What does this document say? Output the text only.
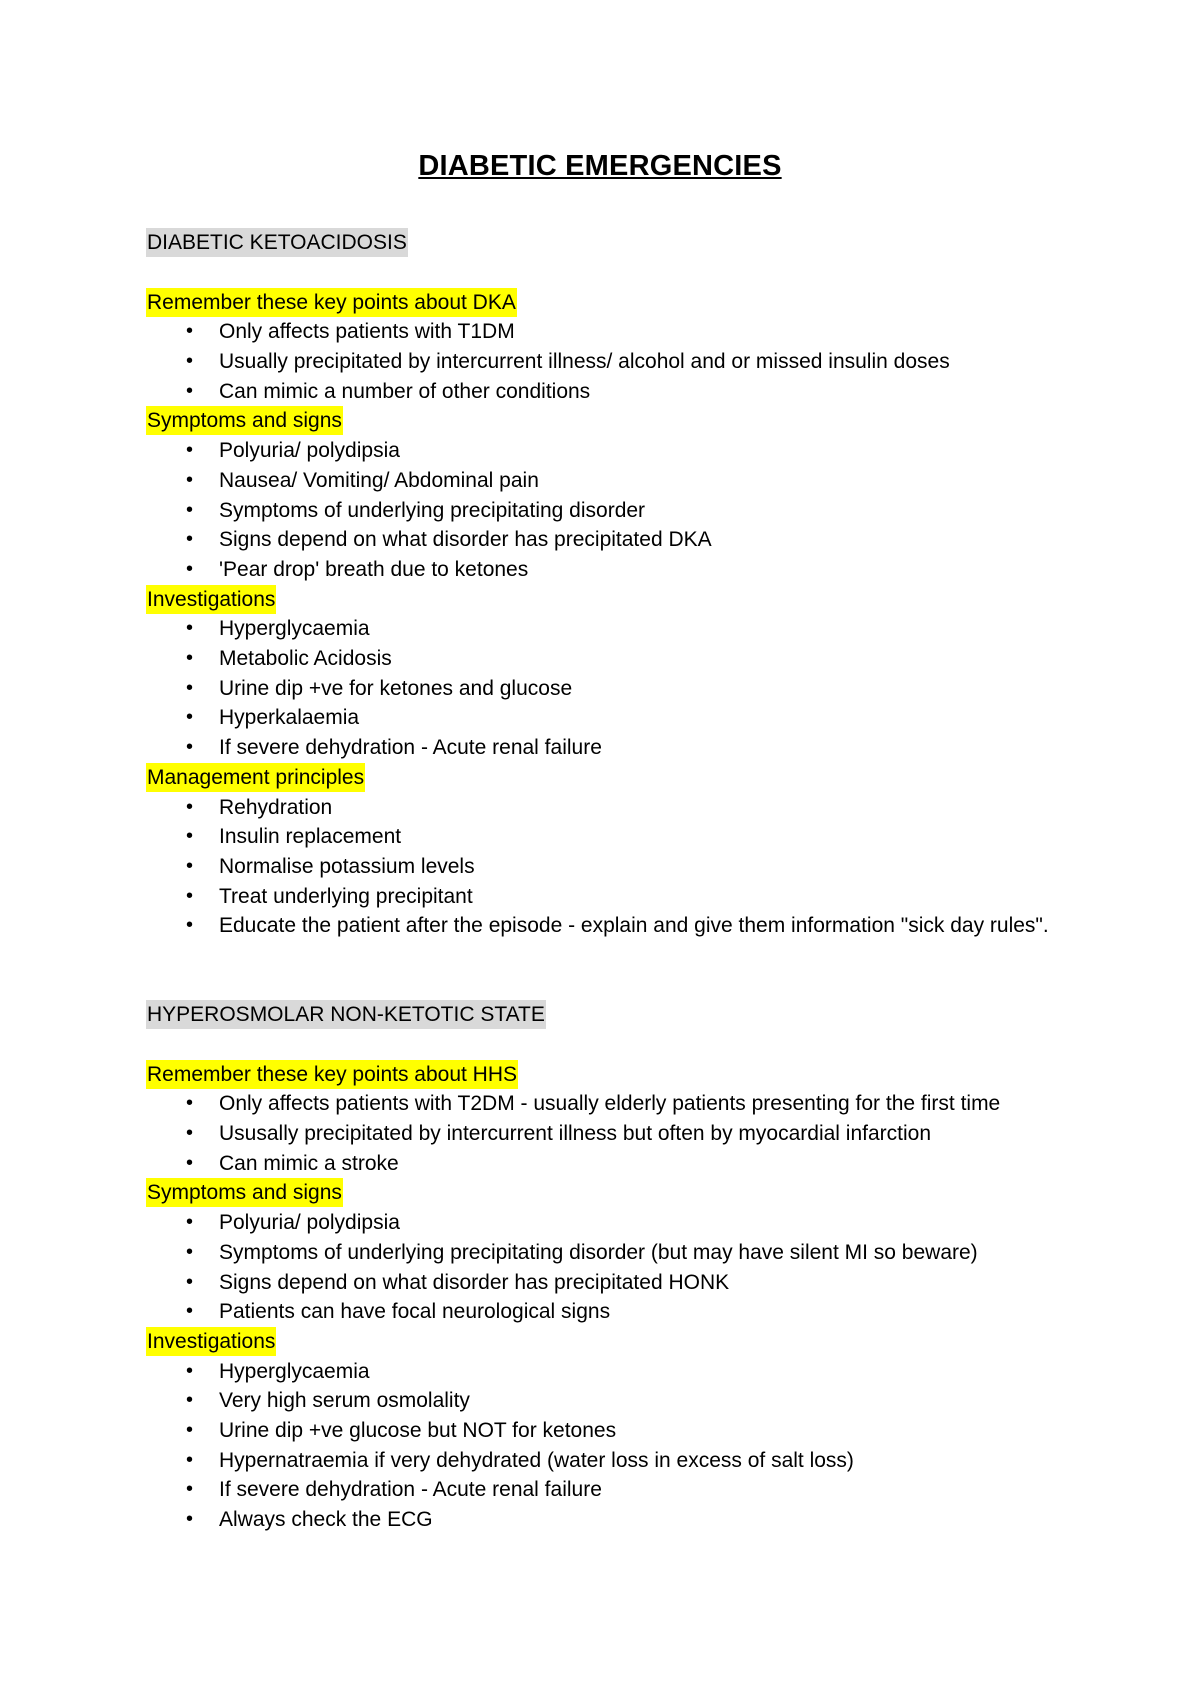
DIABETIC EMERGENCIES
DIABETIC KETOACIDOSIS
Remember these key points about DKA
• Only affects patients with T1DM
• Usually precipitated by intercurrent illness/ alcohol and or missed insulin doses
• Can mimic a number of other conditions
Symptoms and signs
• Polyuria/ polydipsia
• Nausea/ Vomiting/ Abdominal pain
• Symptoms of underlying precipitating disorder
• Signs depend on what disorder has precipitated DKA
• 'Pear drop' breath due to ketones
Investigations
• Hyperglycaemia
• Metabolic Acidosis
• Urine dip +ve for ketones and glucose
• Hyperkalaemia
• If severe dehydration - Acute renal failure
Management principles
• Rehydration
• Insulin replacement
• Normalise potassium levels
• Treat underlying precipitant
• Educate the patient after the episode - explain and give them information "sick day rules".
HYPEROSMOLAR NON-KETOTIC STATE
Remember these key points about HHS
• Only affects patients with T2DM - usually elderly patients presenting for the first time
• Ususally precipitated by intercurrent illness but often by myocardial infarction
• Can mimic a stroke
Symptoms and signs
• Polyuria/ polydipsia
• Symptoms of underlying precipitating disorder (but may have silent MI so beware)
• Signs depend on what disorder has precipitated HONK
• Patients can have focal neurological signs
Investigations
• Hyperglycaemia
• Very high serum osmolality
• Urine dip +ve glucose but NOT for ketones
• Hypernatraemia if very dehydrated (water loss in excess of salt loss)
• If severe dehydration - Acute renal failure
• Always check the ECG
